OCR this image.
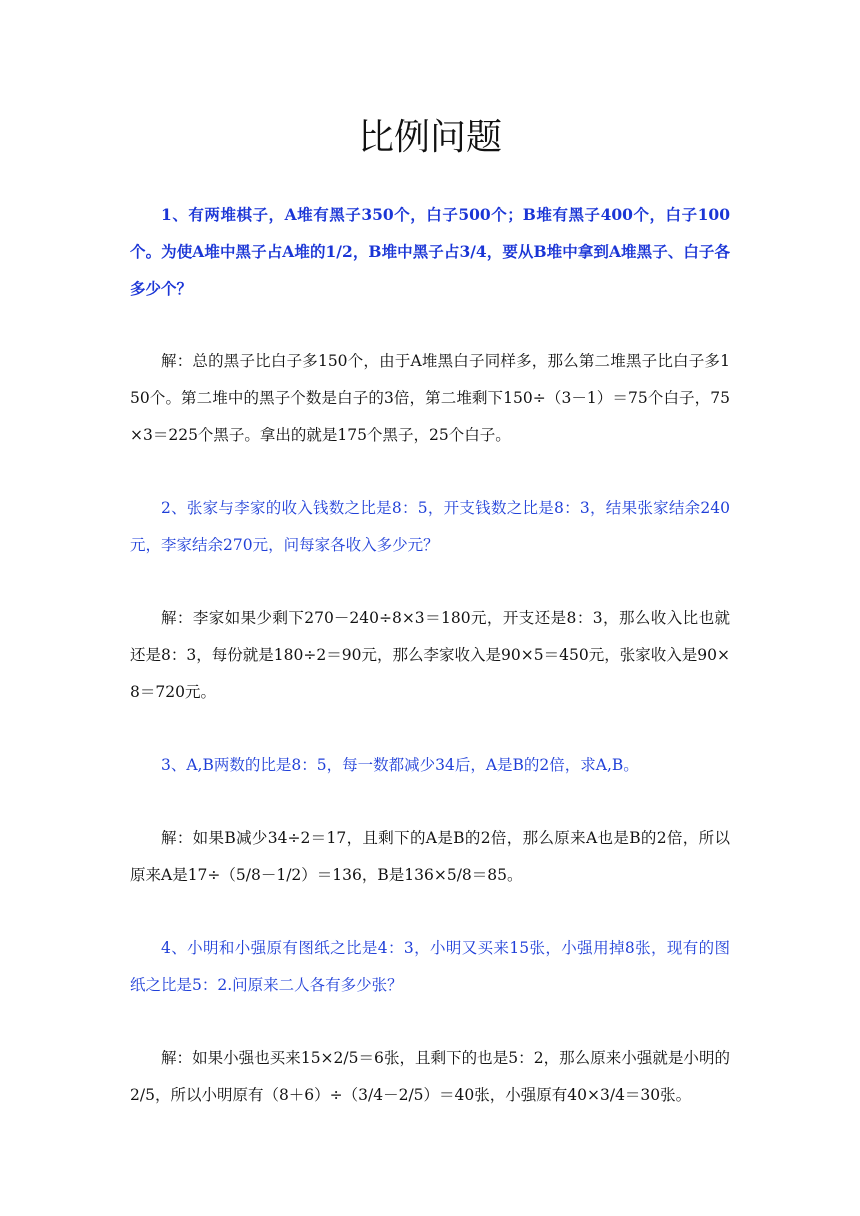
比例问题

1、有两堆棋子，A堆有黑子350个，白子500个；B堆有黑子400个，白子100个。为使A堆中黑子占A堆的1/2，B堆中黑子占3/4，要从B堆中拿到A堆黑子、白子各多少个？

解：总的黑子比白子多150个，由于A堆黑白子同样多，那么第二堆黑子比白子多150个。第二堆中的黑子个数是白子的3倍，第二堆剩下150÷（3－1）＝75个白子，75×3＝225个黑子。拿出的就是175个黑子，25个白子。

2、张家与李家的收入钱数之比是8：5，开支钱数之比是8：3，结果张家结余240元，李家结余270元，问每家各收入多少元？

解：李家如果少剩下270－240÷8×3＝180元，开支还是8：3，那么收入比也就还是8：3，每份就是180÷2＝90元，那么李家收入是90×5＝450元，张家收入是90×8＝720元。

3、A,B两数的比是8：5，每一数都减少34后，A是B的2倍，求A,B。

解：如果B减少34÷2＝17，且剩下的A是B的2倍，那么原来A也是B的2倍，所以原来A是17÷（5/8－1/2）＝136，B是136×5/8＝85。

4、小明和小强原有图纸之比是4：3，小明又买来15张，小强用掉8张，现有的图纸之比是5：2.问原来二人各有多少张？

解：如果小强也买来15×2/5＝6张，且剩下的也是5：2，那么原来小强就是小明的2/5，所以小明原有（8＋6）÷（3/4－2/5）＝40张，小强原有40×3/4＝30张。
